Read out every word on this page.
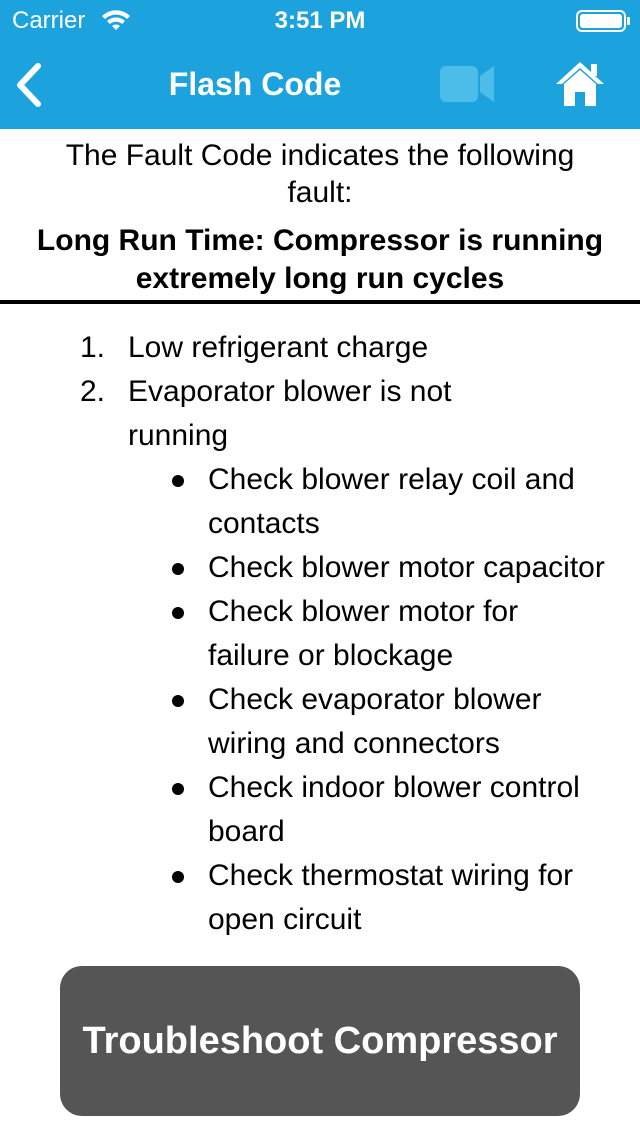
Carrier	3:51 PM
Flash Code
The Fault Code indicates the following fault:
Long Run Time: Compressor is running extremely long run cycles
1. Low refrigerant charge
2. Evaporator blower is not running
Check blower relay coil and contacts
Check blower motor capacitor
Check blower motor for failure or blockage
Check evaporator blower wiring and connectors
Check indoor blower control board
Check thermostat wiring for open circuit
Troubleshoot Compressor
